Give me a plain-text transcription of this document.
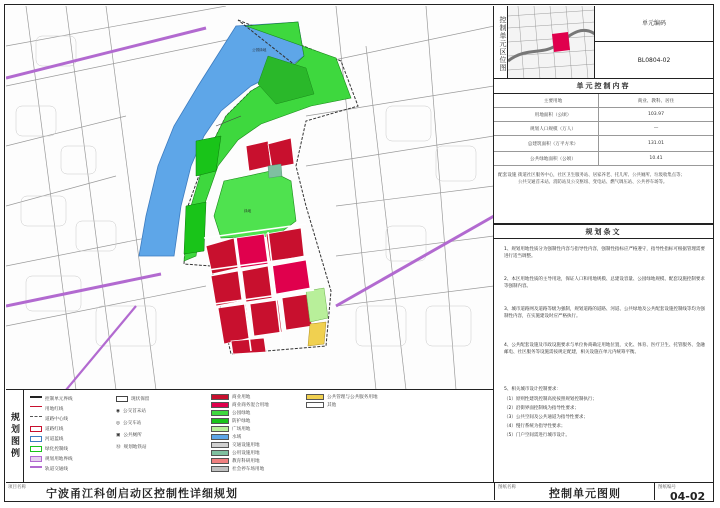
公园绿地
绿地
控制单元区位图	单元编码
BL0804-02
单元控制内容
主要用地	商业、教科、居住
用地面积（公顷）	103.97
规划人口规模（万人）	—
总建筑面积（万平方米）	131.01
公共绿地面积（公顷）	10.41
配套设施 街道社区服务中心，社区卫生服务站、居家养老、托儿所、公共厕所、垃圾收集点等；
公共交通首末站、消防站及公交枢纽、变电站、燃气调压站、公共停车场等。
规划条文
1、规划用地性质分为强制性内容与指导性内容，强制性指标应严格遵守，指导性指标可根据管理需要进行适当调整。
2、本区用地性质的主导用途，保证人口和用地规模、总建设容量、公园绿地规模、配套设施控制要求等强制内容。
3、城市道路网及道路等级为强制，规划道路的道路、河道、公共绿地及公共配套设施控制线等均为强制性内容，在实施建设时应严格执行。
4、公共配套设施及市政设施要求与单位协商确定用地位置，文化、体育、医疗卫生、托管服务、金融邮电、社区服务等设施需按规定配建，相关设施在单元内统筹平衡。
5、相关城市设计控制要求：
（1）原则性建筑控制高度按照规划控制执行；
（2）沿街界面控制线为指导性要求；
（3）公共空间及公共通道为指导性要求；
（4）慢行系统为指导性要求；
（5）门户空间需进行城市设计。
规划图例
控制单元界线
用地红线
道路中心线
道路红线
河道蓝线
绿化控制线
规划用地界线
轨道交通线
现状保留
◉ 公交首末站
◎ 公交车站
▣ 公共厕所
Ⓜ 规划地铁站
商业用地
商业商务混合用地
公园绿地
防护绿地
广场用地
水域
交通设施用地
公用设施用地
教育科研用地
社会停车场用地
公共管理与公共服务用地
其他
项目名称 宁波甬江科创启动区控制性详细规划	图纸名称	控制单元图则	图纸编号
04-02
